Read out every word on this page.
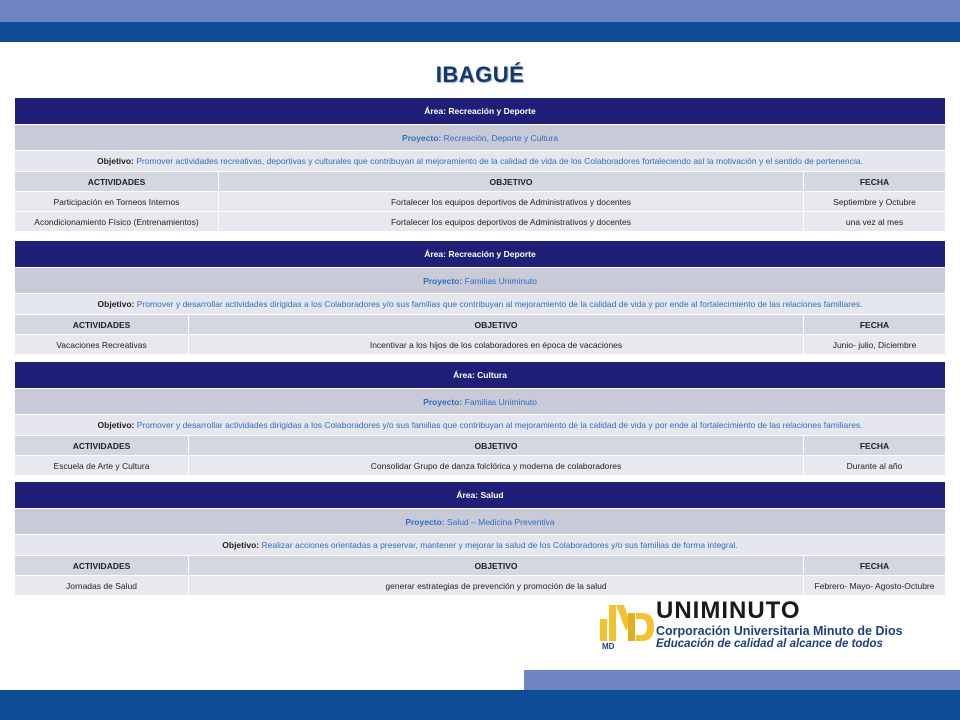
IBAGUÉ
Área:
Recreación y Deporte
Proyecto:
Recreación, Deporte y Cultura
Objetivo:
Promover actividades recreativas, deportivas y culturales que contribuyan al mejoramiento de la calidad de vida de los Colaboradores fortaleciendo así la motivación y el sentido de pertenencia.
ACTIVIDADES	OBJETIVO	FECHA
Participación en Torneos Internos	Fortalecer los equipos deportivos de Administrativos y docentes	Septiembre y Octubre
Acondicionamiento Físico (Entrenamientos)	Fortalecer los equipos deportivos de Administrativos y docentes	una vez al mes
Área:
Recreación y Deporte
Proyecto:
Familias Uniminuto
Objetivo:
Promover y desarrollar actividades dirigidas a los Colaboradores y/o sus familias que contribuyan al mejoramiento de la calidad de vida y por ende al fortalecimiento de las relaciones familiares.
ACTIVIDADES	OBJETIVO	FECHA
Vacaciones Recreativas	Incentivar a los hijos de los colaboradores en época de vacaciones	Junio- julio, Diciembre
Área:
Cultura
Proyecto:
Familias Uniminuto
Objetivo:
Promover y desarrollar actividades dirigidas a los Colaboradores y/o sus familias que contribuyan al mejoramiento de la calidad de vida y por ende al fortalecimiento de las relaciones familiares.
ACTIVIDADES	OBJETIVO	FECHA
Escuela de Arte y Cultura	Consolidar Grupo de danza folclórica y moderna de colaboradores	Durante al año
Área:
Salud
Proyecto:
Salud – Medicina Preventiva
Objetivo:
Realizar acciones orientadas a preservar, mantener y mejorar la salud de los Colaboradores y/o sus familias de forma integral.
ACTIVIDADES	OBJETIVO	FECHA
Jornadas de Salud	generar estrategias de prevención y promoción de la salud	Febrero- Mayo- Agosto-Octubre
MD
UNIMINUTO
Corporación Universitaria Minuto de Dios
Educación de calidad al alcance de todos
